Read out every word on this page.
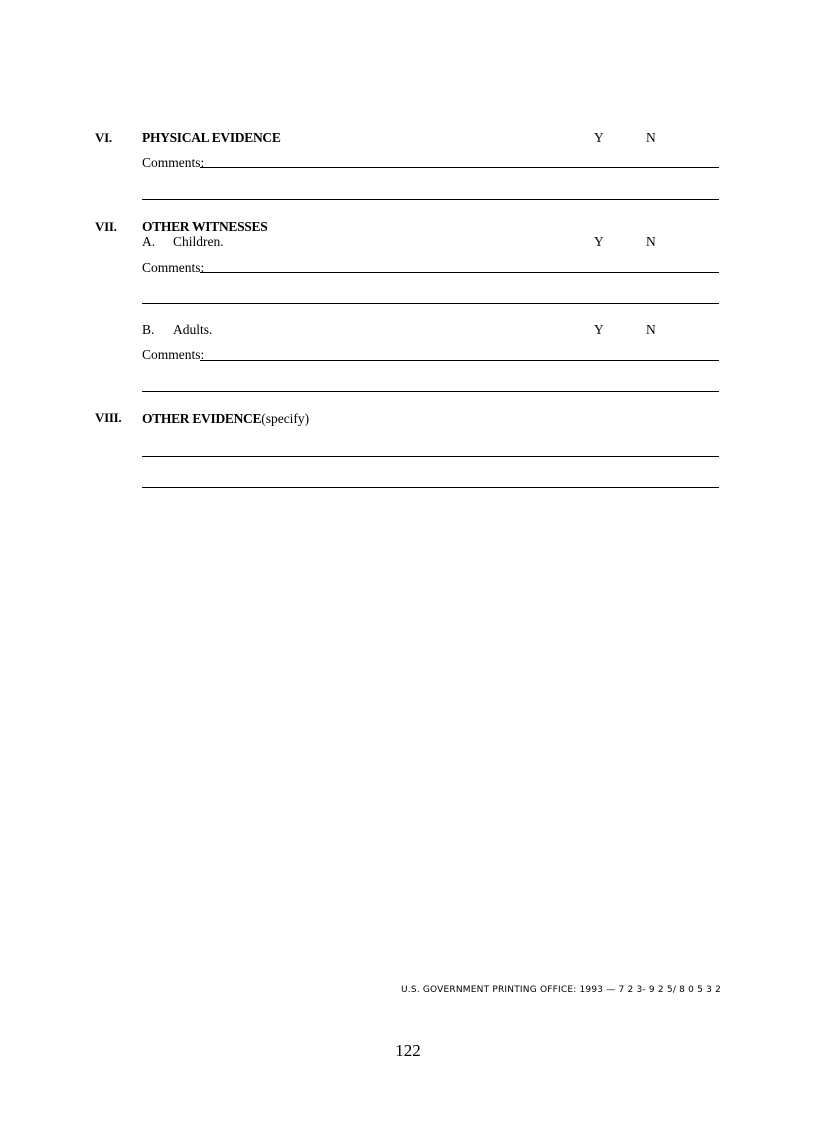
VI. PHYSICAL EVIDENCE	Y	N
Comments:
VII. OTHER WITNESSES
A. Children.	Y	N
Comments:
B. Adults.	Y	N
Comments:
VIII. OTHER EVIDENCE(specify)
U.S. GOVERNMENT PRINTING OFFICE: 1993 — 7 2 3- 9 2 5/ 8 0 5 3 2
122
